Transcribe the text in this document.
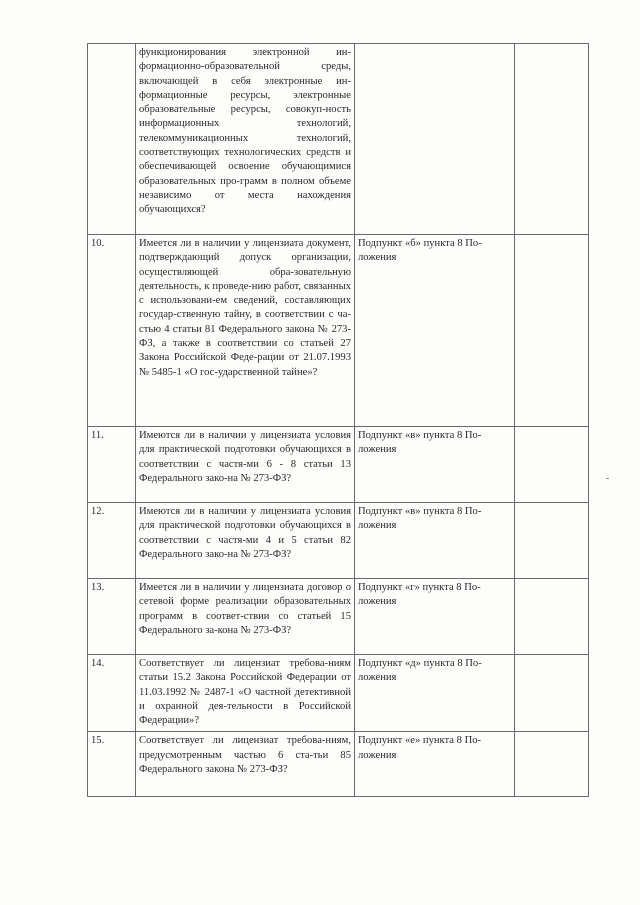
	функционирования электронной ин-формационно-образовательной среды, включающей в себя электронные ин-формационные ресурсы, электронные образовательные ресурсы, совокуп-ность информационных технологий, телекоммуникационных технологий, соответствующих технологических средств и обеспечивающей освоение обучающимися образовательных про-грамм в полном объеме независимо от места нахождения обучающихся?		
10.	Имеется ли в наличии у лицензиата документ, подтверждающий допуск организации, осуществляющей обра-зовательную деятельность, к проведе-нию работ, связанных с использовани-ем сведений, составляющих государ-ственную тайну, в соответствии с ча-стью 4 статьи 81 Федерального закона № 273-ФЗ, а также в соответствии со статьей 27 Закона Российской Феде-рации от 21.07.1993 № 5485-1 «О гос-ударственной тайне»?	Подпункт «б» пункта 8 По-ложения	
11.	Имеются ли в наличии у лицензиата условия для практической подготовки обучающихся в соответствии с частя-ми 6 - 8 статьи 13 Федерального зако-на № 273-ФЗ?	Подпункт «в» пункта 8 По-ложения	
12.	Имеются ли в наличии у лицензиата условия для практической подготовки обучающихся в соответствии с частя-ми 4 и 5 статьи 82 Федерального зако-на № 273-ФЗ?	Подпункт «в» пункта 8 По-ложения	
13.	Имеется ли в наличии у лицензиата договор о сетевой форме реализации образовательных программ в соответ-ствии со статьей 15 Федерального за-кона № 273-ФЗ?	Подпункт «г» пункта 8 По-ложения	
14.	Соответствует ли лицензиат требова-ниям статьи 15.2 Закона Российской Федерации от 11.03.1992 № 2487-1 «О частной детективной и охранной дея-тельности в Российской Федерации»?	Подпункт «д» пункта 8 По-ложения	
15.	Соответствует ли лицензиат требова-ниям, предусмотренным частью 6 ста-тьи 85 Федерального закона № 273-ФЗ?	Подпункт «е» пункта 8 По-ложения	
